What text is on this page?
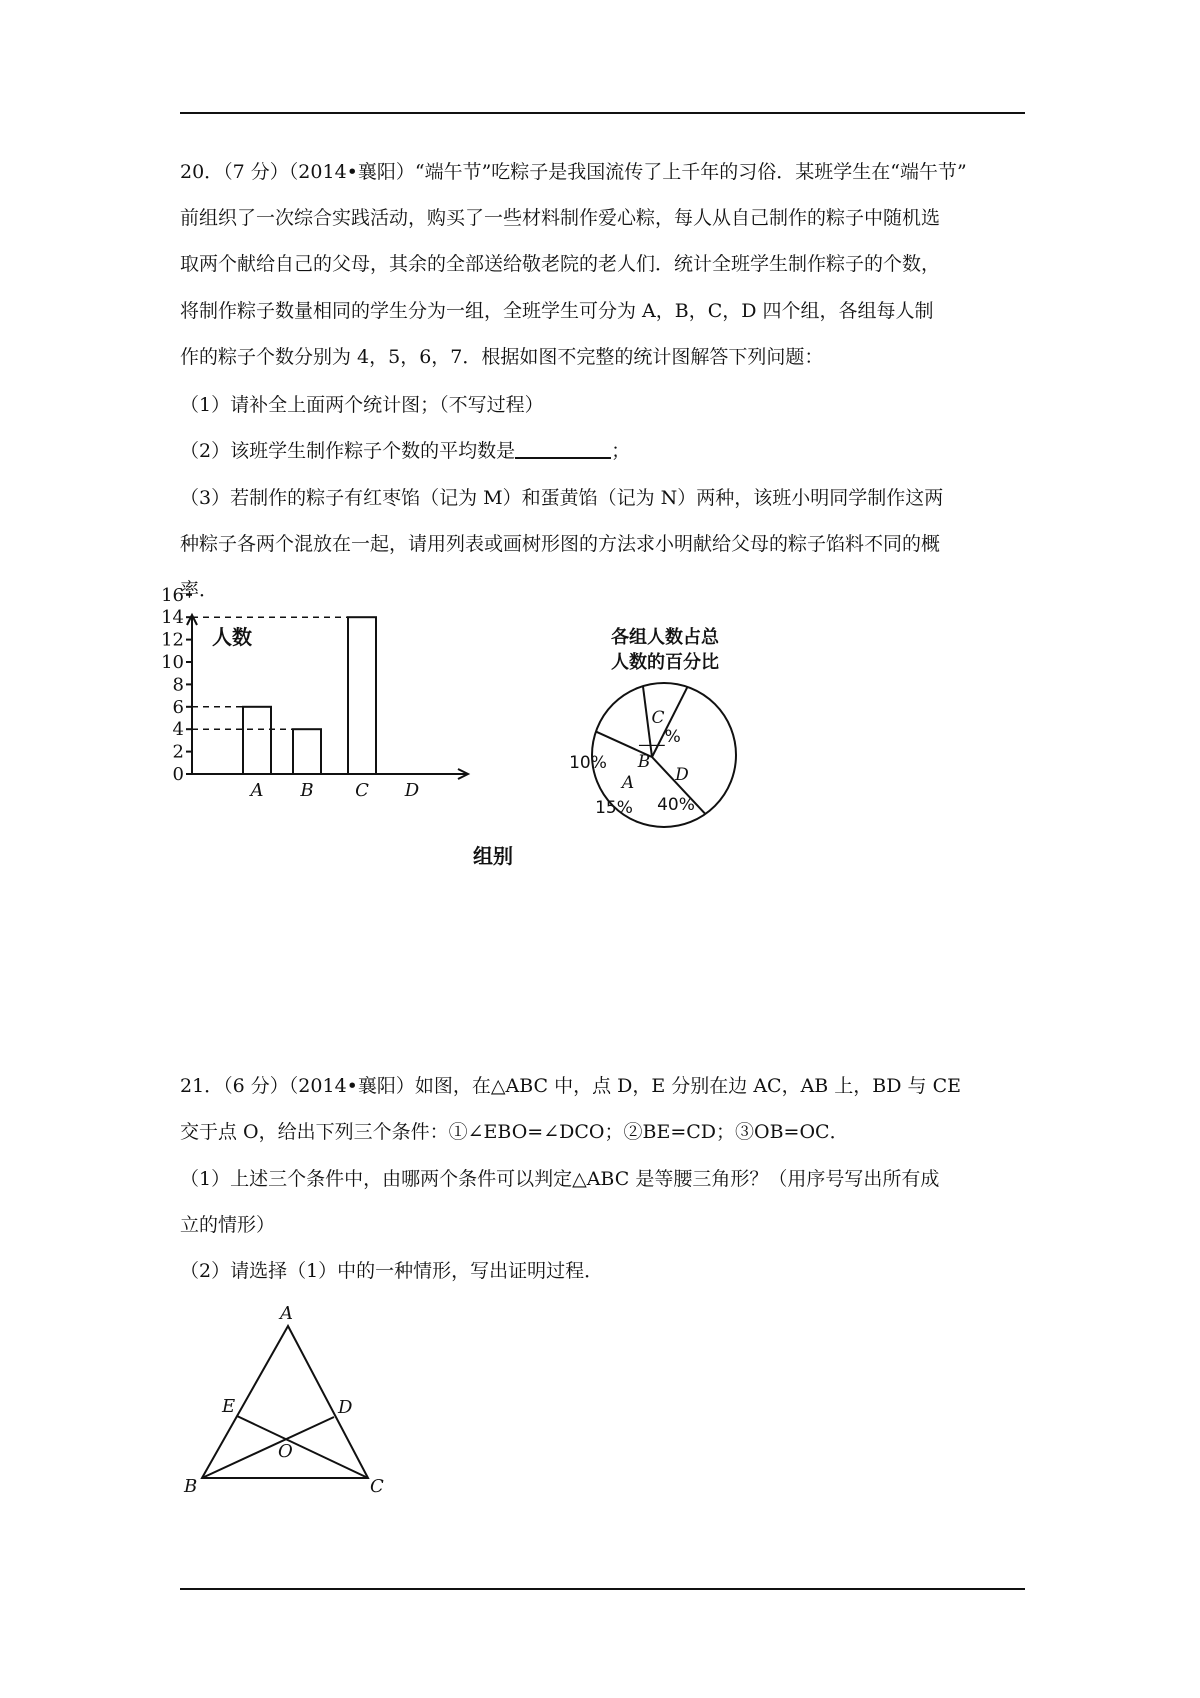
20．（7 分）（2014•襄阳）“端午节”吃粽子是我国流传了上千年的习俗．某班学生在“端午节”
前组织了一次综合实践活动，购买了一些材料制作爱心粽，每人从自己制作的粽子中随机选
取两个献给自己的父母，其余的全部送给敬老院的老人们．统计全班学生制作粽子的个数，
将制作粽子数量相同的学生分为一组，全班学生可分为 A，B，C，D 四个组，各组每人制
作的粽子个数分别为 4，5，6，7．根据如图不完整的统计图解答下列问题：
（1）请补全上面两个统计图；（不写过程）
（2）该班学生制作粽子个数的平均数是	；
（3）若制作的粽子有红枣馅（记为 M）和蛋黄馅（记为 N）两种，该班小明同学制作这两
种粽子各两个混放在一起，请用列表或画树形图的方法求小明献给父母的粽子馅料不同的概
率．
0
2
4
6
8
10
12
14
16
A B C D
人数
组别
各组人数占总
人数的百分比
A
15%
B
10%
C
___%
D
40%
21．（6 分）（2014•襄阳）如图，在△ABC 中，点 D，E 分别在边 AC，AB 上，BD 与 CE
交于点 O，给出下列三个条件：①∠EBO=∠DCO；②BE=CD；③OB=OC．
（1）上述三个条件中，由哪两个条件可以判定△ABC 是等腰三角形？（用序号写出所有成
立的情形）
（2）请选择（1）中的一种情形，写出证明过程．
A
B	C
D
E
O
